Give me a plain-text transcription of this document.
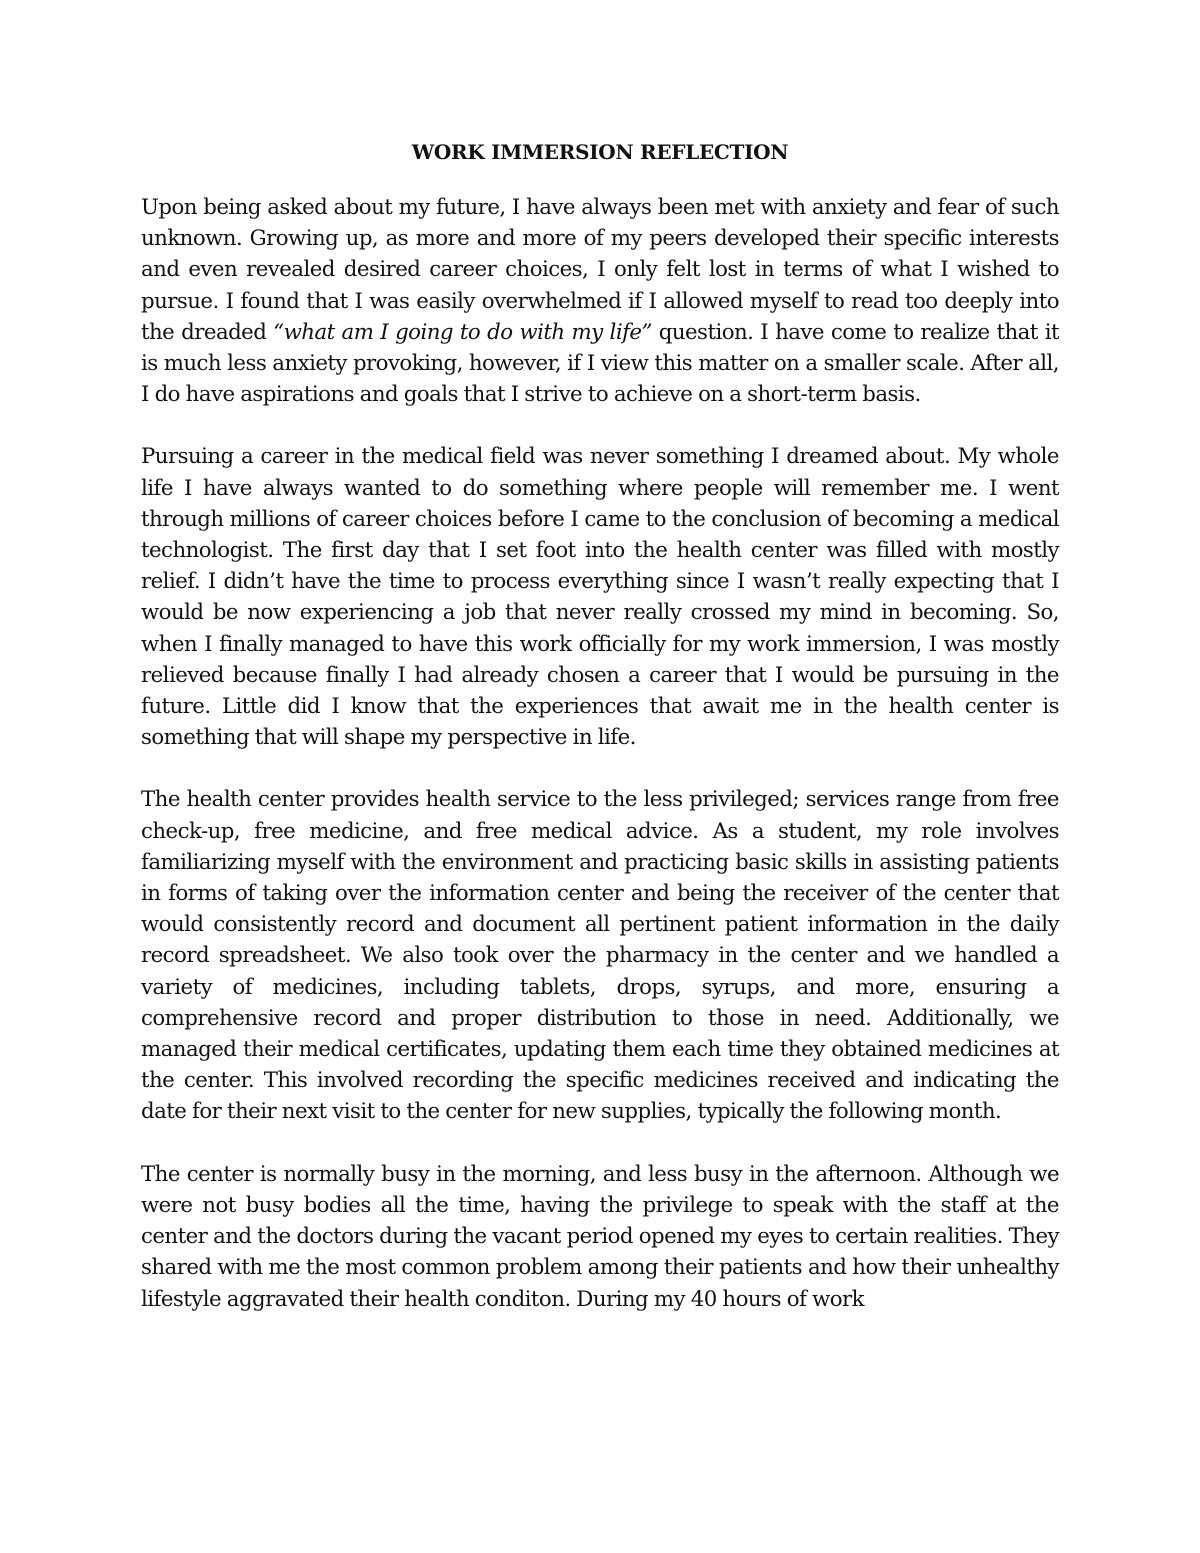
WORK IMMERSION REFLECTION

Upon being asked about my future, I have always been met with anxiety and fear of such unknown. Growing up, as more and more of my peers developed their specific interests and even revealed desired career choices, I only felt lost in terms of what I wished to pursue. I found that I was easily overwhelmed if I allowed myself to read too deeply into the dreaded “what am I going to do with my life” question. I have come to realize that it is much less anxiety provoking, however, if I view this matter on a smaller scale. After all, I do have aspirations and goals that I strive to achieve on a short-term basis.

Pursuing a career in the medical field was never something I dreamed about. My whole life I have always wanted to do something where people will remember me. I went through millions of career choices before I came to the conclusion of becoming a medical technologist. The first day that I set foot into the health center was filled with mostly relief. I didn’t have the time to process everything since I wasn’t really expecting that I would be now experiencing a job that never really crossed my mind in becoming. So, when I finally managed to have this work officially for my work immersion, I was mostly relieved because finally I had already chosen a career that I would be pursuing in the future. Little did I know that the experiences that await me in the health center is something that will shape my perspective in life.

The health center provides health service to the less privileged; services range from free check-up, free medicine, and free medical advice. As a student, my role involves familiarizing myself with the environment and practicing basic skills in assisting patients in forms of taking over the information center and being the receiver of the center that would consistently record and document all pertinent patient information in the daily record spreadsheet. We also took over the pharmacy in the center and we handled a variety of medicines, including tablets, drops, syrups, and more, ensuring a comprehensive record and proper distribution to those in need. Additionally, we managed their medical certificates, updating them each time they obtained medicines at the center. This involved recording the specific medicines received and indicating the date for their next visit to the center for new supplies, typically the following month.

The center is normally busy in the morning, and less busy in the afternoon. Although we were not busy bodies all the time, having the privilege to speak with the staff at the center and the doctors during the vacant period opened my eyes to certain realities. They shared with me the most common problem among their patients and how their unhealthy lifestyle aggravated their health conditon. During my 40 hours of work
